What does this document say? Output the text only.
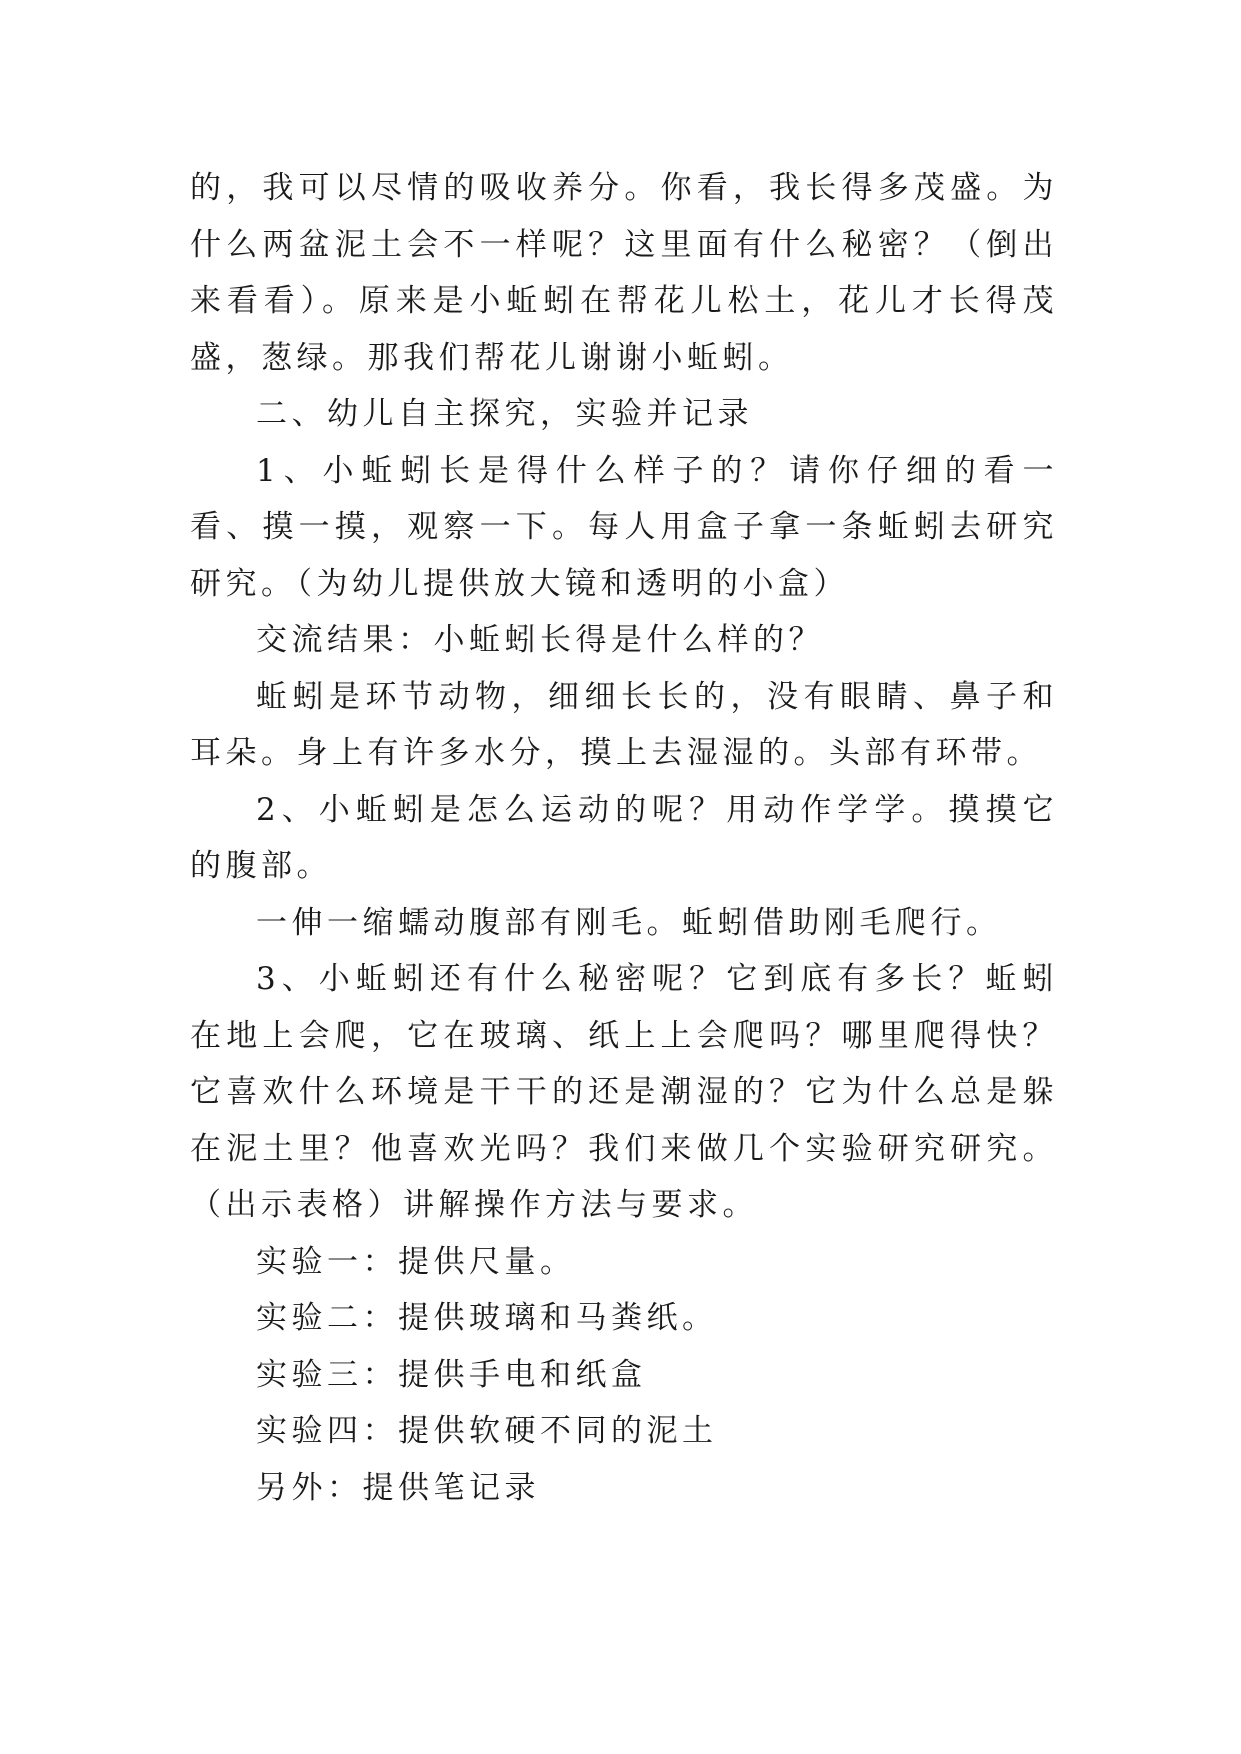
的，我可以尽情的吸收养分。你看，我长得多茂盛。为什么两盆泥土会不一样呢？这里面有什么秘密？（倒出来看看）。原来是小蚯蚓在帮花儿松土，花儿才长得茂盛，葱绿。那我们帮花儿谢谢小蚯蚓。

二、幼儿自主探究，实验并记录

1、小蚯蚓长是得什么样子的？请你仔细的看一看、摸一摸，观察一下。每人用盒子拿一条蚯蚓去研究研究。（为幼儿提供放大镜和透明的小盒）

交流结果：小蚯蚓长得是什么样的？

蚯蚓是环节动物，细细长长的，没有眼睛、鼻子和耳朵。身上有许多水分，摸上去湿湿的。头部有环带。

2、小蚯蚓是怎么运动的呢？用动作学学。摸摸它的腹部。

一伸一缩蠕动腹部有刚毛。蚯蚓借助刚毛爬行。

3、小蚯蚓还有什么秘密呢？它到底有多长？蚯蚓在地上会爬，它在玻璃、纸上上会爬吗？哪里爬得快？它喜欢什么环境是干干的还是潮湿的？它为什么总是躲在泥土里？他喜欢光吗？我们来做几个实验研究研究。（出示表格）讲解操作方法与要求。

实验一：提供尺量。

实验二：提供玻璃和马粪纸。

实验三：提供手电和纸盒

实验四：提供软硬不同的泥土

另外：提供笔记录
